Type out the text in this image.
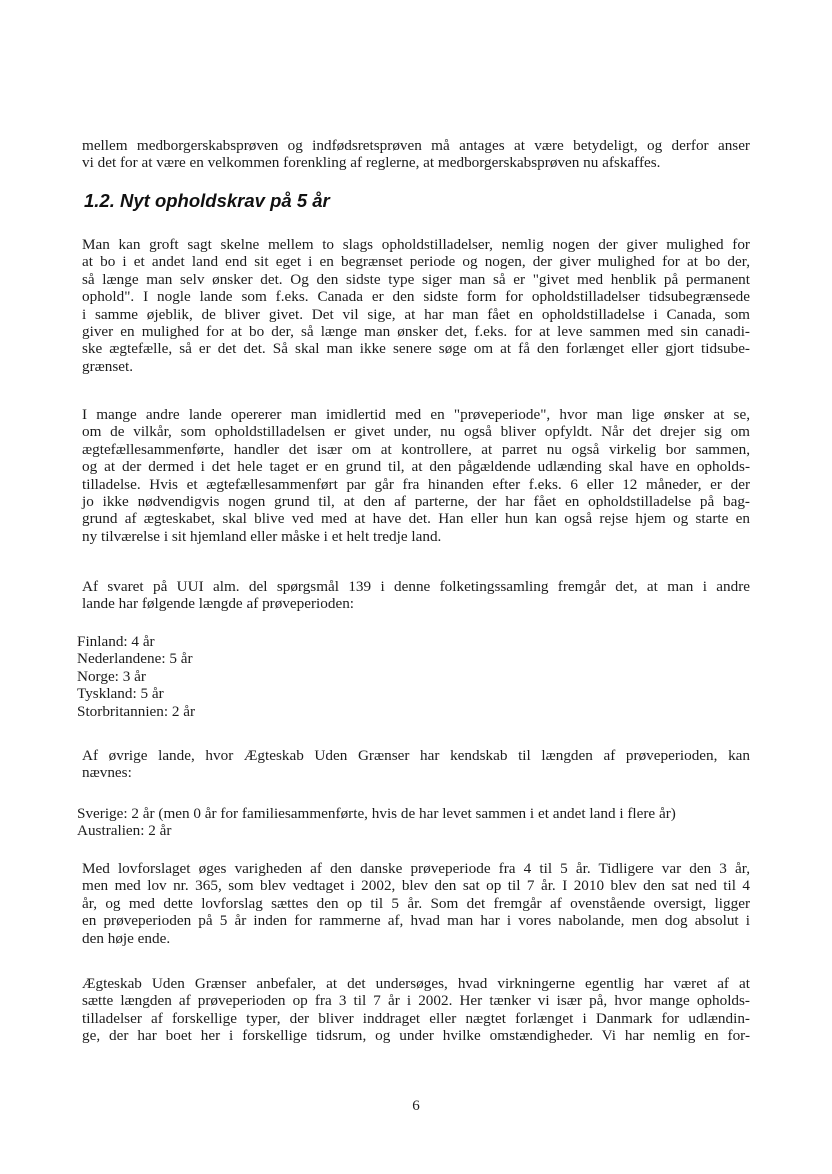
mellem medborgerskabsprøven og indfødsretsprøven må antages at være betydeligt, og derfor anser
vi det for at være en velkommen forenkling af reglerne, at medborgerskabsprøven nu afskaffes.
1.2. Nyt opholdskrav på 5 år
Man kan groft sagt skelne mellem to slags opholdstilladelser, nemlig nogen der giver mulighed for
at bo i et andet land end sit eget i en begrænset periode og nogen, der giver mulighed for at bo der,
så længe man selv ønsker det. Og den sidste type siger man så er "givet med henblik på permanent
ophold". I nogle lande som f.eks. Canada er den sidste form for opholdstilladelser tidsubegrænsede
i samme øjeblik, de bliver givet. Det vil sige, at har man fået en opholdstilladelse i Canada, som
giver en mulighed for at bo der, så længe man ønsker det, f.eks. for at leve sammen med sin canadi-
ske ægtefælle, så er det det. Så skal man ikke senere søge om at få den forlænget eller gjort tidsube-
grænset.
I mange andre lande opererer man imidlertid med en "prøveperiode", hvor man lige ønsker at se,
om de vilkår, som opholdstilladelsen er givet under, nu også bliver opfyldt. Når det drejer sig om
ægtefællesammenførte, handler det især om at kontrollere, at parret nu også virkelig bor sammen,
og at der dermed i det hele taget er en grund til, at den pågældende udlænding skal have en opholds-
tilladelse. Hvis et ægtefællesammenført par går fra hinanden efter f.eks. 6 eller 12 måneder, er der
jo ikke nødvendigvis nogen grund til, at den af parterne, der har fået en opholdstilladelse på bag-
grund af ægteskabet, skal blive ved med at have det. Han eller hun kan også rejse hjem og starte en
ny tilværelse i sit hjemland eller måske i et helt tredje land.
Af svaret på UUI alm. del spørgsmål 139 i denne folketingssamling fremgår det, at man i andre
lande har følgende længde af prøveperioden:
Finland: 4 år
Nederlandene: 5 år
Norge: 3 år
Tyskland: 5 år
Storbritannien: 2 år
Af øvrige lande, hvor Ægteskab Uden Grænser har kendskab til længden af prøveperioden, kan
nævnes:
Sverige: 2 år (men 0 år for familiesammenførte, hvis de har levet sammen i et andet land i flere år)
Australien: 2 år
Med lovforslaget øges varigheden af den danske prøveperiode fra 4 til 5 år. Tidligere var den 3 år,
men med lov nr. 365, som blev vedtaget i 2002, blev den sat op til 7 år. I 2010 blev den sat ned til 4
år, og med dette lovforslag sættes den op til 5 år. Som det fremgår af ovenstående oversigt, ligger
en prøveperioden på 5 år inden for rammerne af, hvad man har i vores nabolande, men dog absolut i
den høje ende.
Ægteskab Uden Grænser anbefaler, at det undersøges, hvad virkningerne egentlig har været af at
sætte længden af prøveperioden op fra 3 til 7 år i 2002. Her tænker vi især på, hvor mange opholds-
tilladelser af forskellige typer, der bliver inddraget eller nægtet forlænget i Danmark for udlændin-
ge, der har boet her i forskellige tidsrum, og under hvilke omstændigheder. Vi har nemlig en for-
6
